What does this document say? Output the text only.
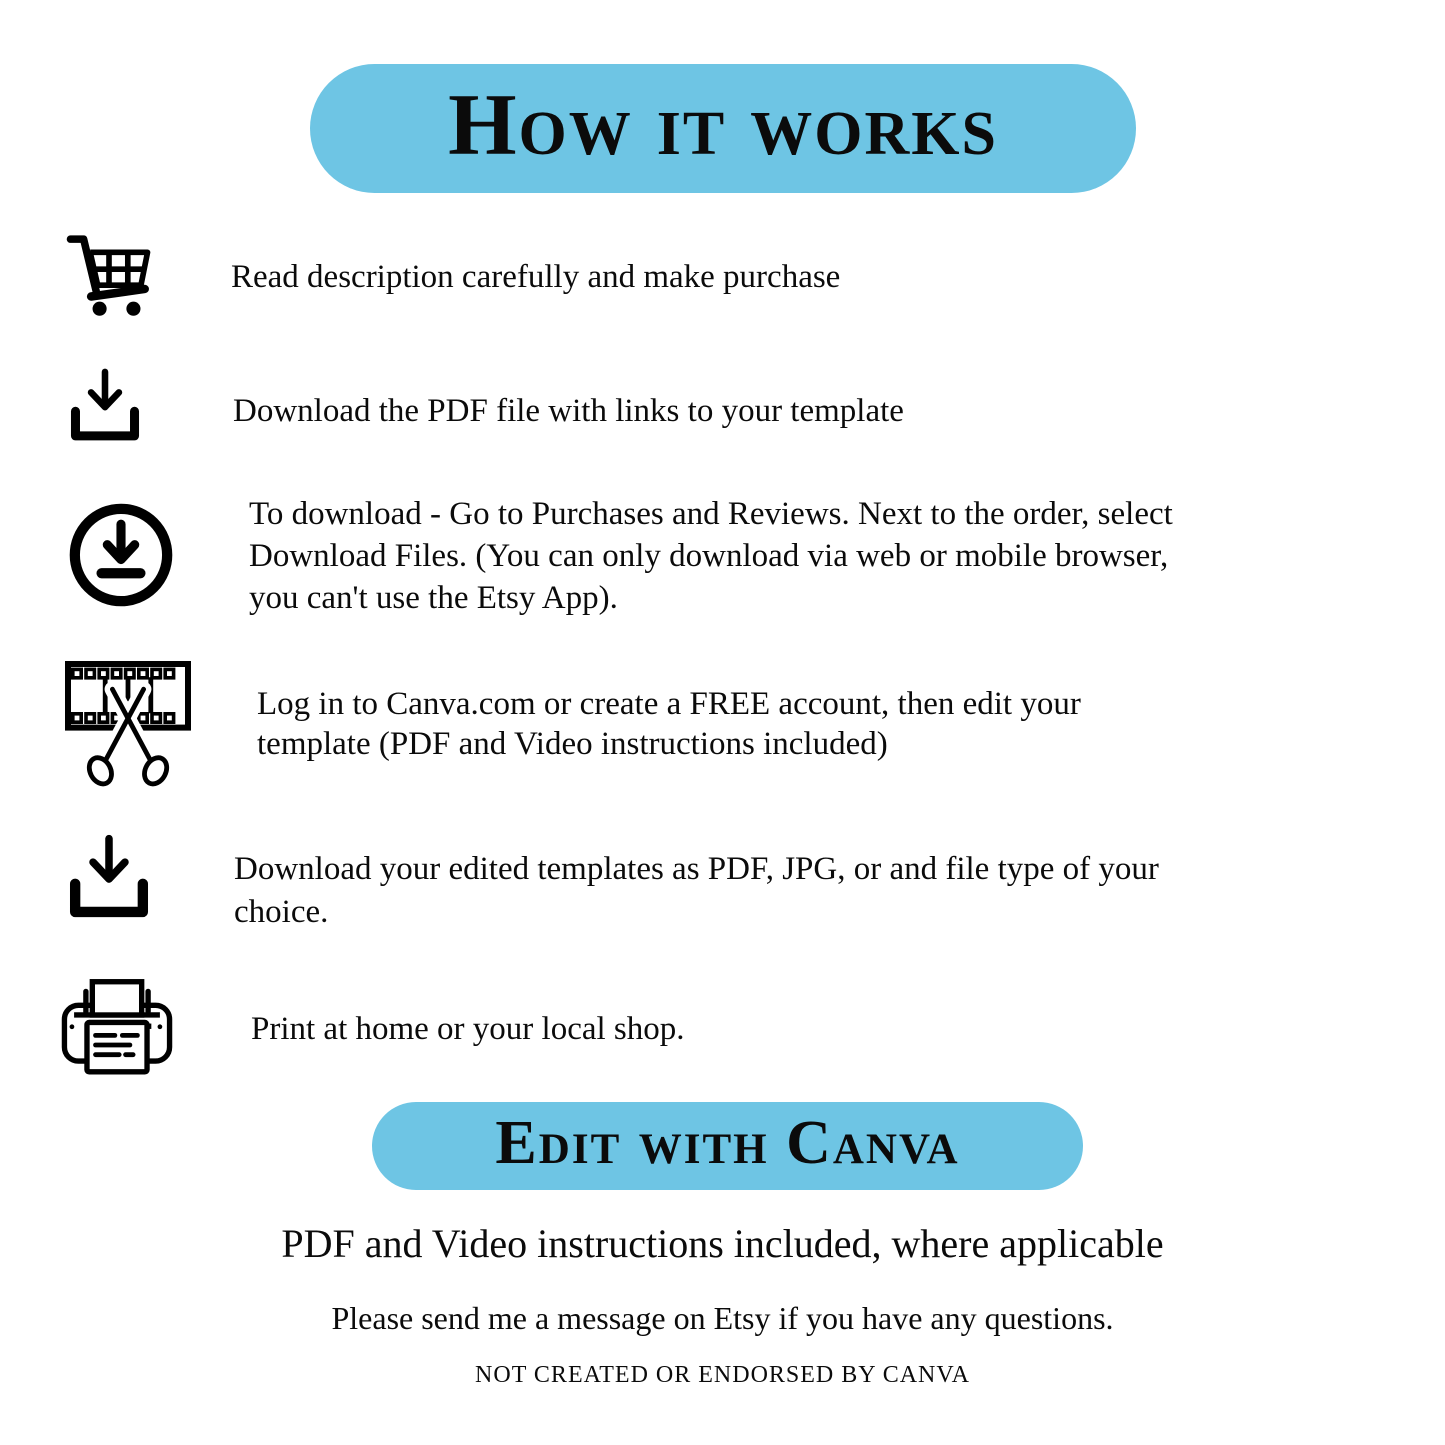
How it works
Read description carefully and make purchase
Download the PDF file with links to your template
To download - Go to Purchases and Reviews. Next to the order, select
Download Files. (You can only download via web or mobile browser,
you can't use the Etsy App).
Log in to Canva.com or create a FREE account, then edit your
template (PDF and Video instructions included)
Download your edited templates as PDF, JPG, or and file type of your
choice.
Print at home or your local shop.
Edit with Canva
PDF and Video instructions included, where applicable
Please send me a message on Etsy if you have any questions.
NOT CREATED OR ENDORSED BY CANVA
